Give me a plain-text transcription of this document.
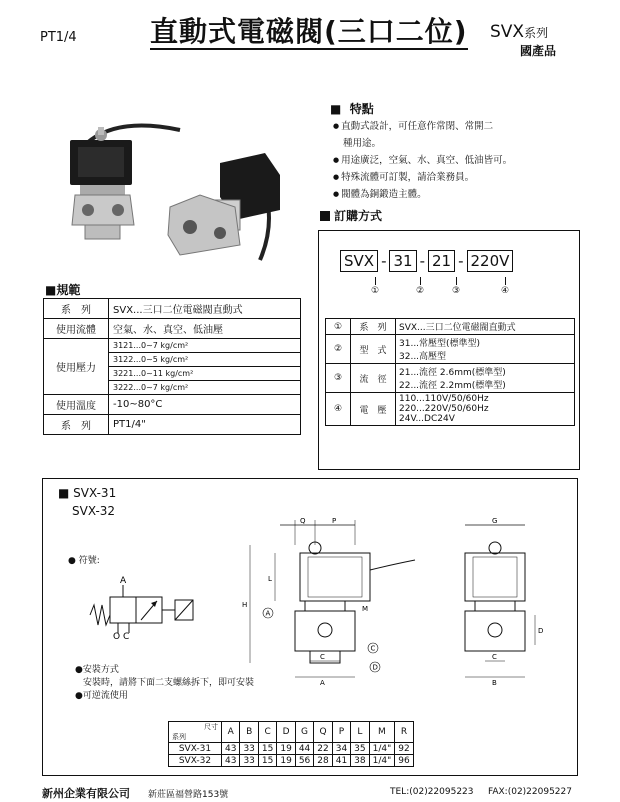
PT1/4	直動式電磁閥(三口二位) SVX系列
國產品
■  特點
● 直動式設計，可任意作常閉、常開二
種用途。
● 用途廣泛，空氣、水、真空、低油皆可。
● 特殊流體可訂製，請洽業務員。
● 閥體為銅鍛造主體。
訂購方式
SVX - 31 - 21 - 220V
①	②	③	④
①	系　列	SVX...三口二位電磁閥直動式

②	型　式	31...常壓型(標準型)
32...高壓型

③	流　徑	21...流徑 2.6mm(標準型)
22...流徑 2.2mm(標準型)

④	電　壓	110...110V/50/60Hz
220...220V/50/60Hz
24V...DC24V
■規範
系　列	SVX...三口二位電磁閥直動式
使用流體	空氣、水、真空、低油壓
使用壓力	3121...0~7 kg/cm²
	3122...0~5 kg/cm²
	3221...0~11 kg/cm²
	3222...0~7 kg/cm²
使用溫度	-10~80°C
系　列	PT1/4"
■ SVX-31
SVX-32
● 符號:
A
O C
Q	P
H
L
A
M
C
D
C
A
G
D
B
C
●安裝方式
安裝時，請將下面二支螺絲拆下，即可安裝
●可逆流使用
尺寸

系列	A	B	C	D	G	Q	P	L	M	R
SVX-31	43	33	15	19	44	22	34	35	1/4"	92
SVX-32	43	33	15	19	56	28	41	38	1/4"	96
新州企業有限公司 新莊區福營路153號	TEL:(02)22095223 FAX:(02)22095227
